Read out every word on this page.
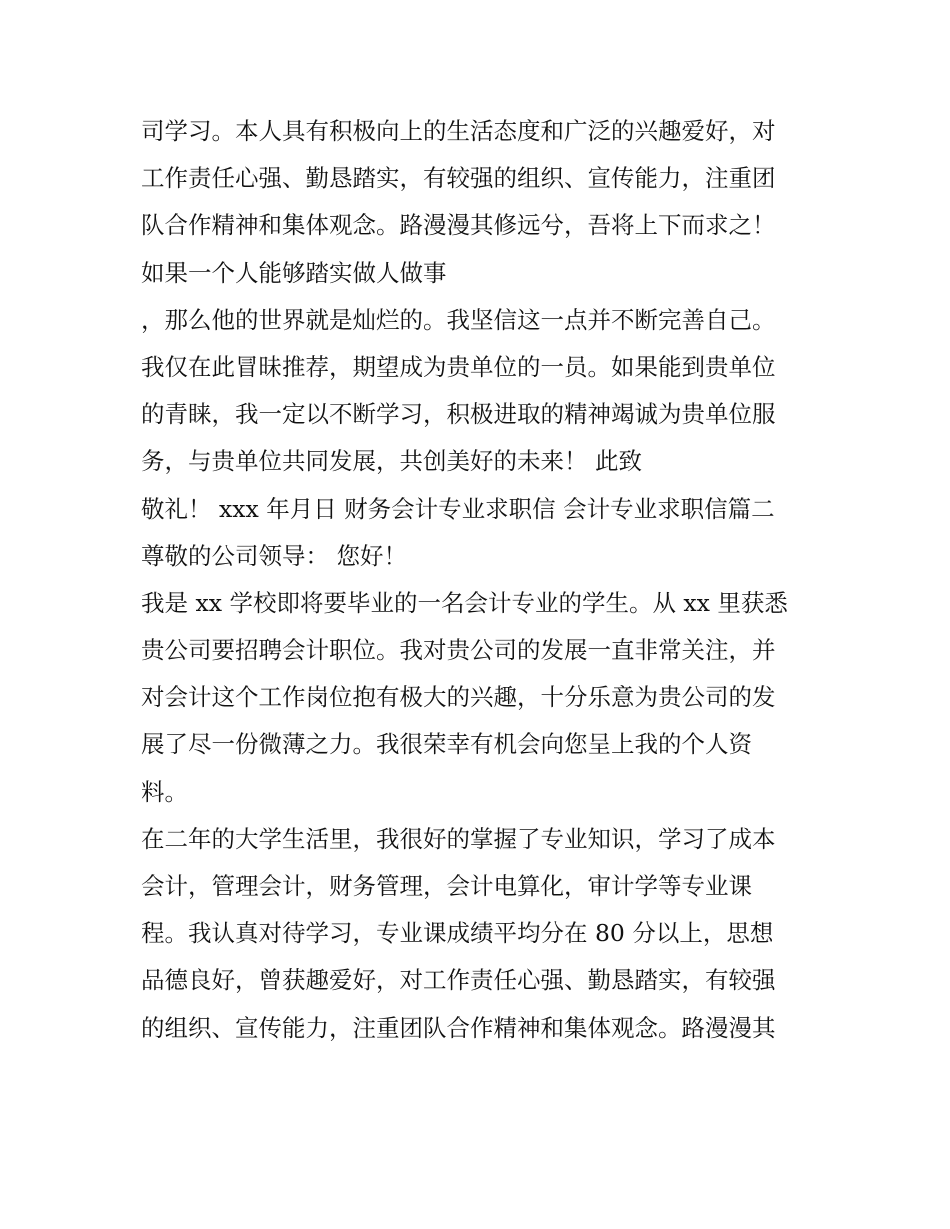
司学习。本人具有积极向上的生活态度和广泛的兴趣爱好，对
工作责任心强、勤恳踏实，有较强的组织、宣传能力，注重团
队合作精神和集体观念。路漫漫其修远兮，吾将上下而求之！
如果一个人能够踏实做人做事
，那么他的世界就是灿烂的。我坚信这一点并不断完善自己。
我仅在此冒昧推荐，期望成为贵单位的一员。如果能到贵单位
的青睐，我一定以不断学习，积极进取的精神竭诚为贵单位服
务，与贵单位共同发展，共创美好的未来！ 此致
敬礼！ xxx 年月日 财务会计专业求职信 会计专业求职信篇二
尊敬的公司领导： 您好！
我是 xx 学校即将要毕业的一名会计专业的学生。从 xx 里获悉
贵公司要招聘会计职位。我对贵公司的发展一直非常关注，并
对会计这个工作岗位抱有极大的兴趣，十分乐意为贵公司的发
展了尽一份微薄之力。我很荣幸有机会向您呈上我的个人资
料。
在二年的大学生活里，我很好的掌握了专业知识，学习了成本
会计，管理会计，财务管理，会计电算化，审计学等专业课
程。我认真对待学习，专业课成绩平均分在 80 分以上，思想
品德良好，曾获趣爱好，对工作责任心强、勤恳踏实，有较强
的组织、宣传能力，注重团队合作精神和集体观念。路漫漫其
